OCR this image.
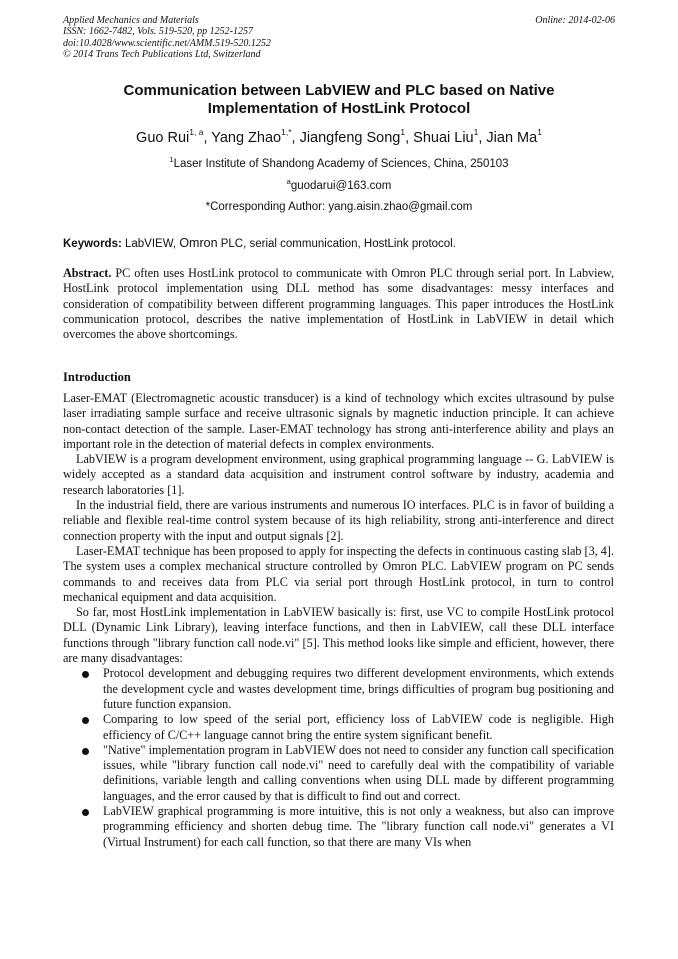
Applied Mechanics and Materials
ISSN: 1662-7482, Vols. 519-520, pp 1252-1257
doi:10.4028/www.scientific.net/AMM.519-520.1252
© 2014 Trans Tech Publications Ltd, Switzerland
Online: 2014-02-06
Communication between LabVIEW and PLC based on Native
Implementation of HostLink Protocol
Guo Rui$^{1, a}$, Yang Zhao$^{1,*}$, Jiangfeng Song$^1$, Shuai Liu$^1$, Jian Ma$^1$
$^1$Laser Institute of Shandong Academy of Sciences, China, 250103
$^a$guodarui@163.com
*Corresponding Author: yang.aisin.zhao@gmail.com
Keywords: LabVIEW, Omron PLC, serial communication, HostLink protocol.

Abstract. PC often uses HostLink protocol to communicate with Omron PLC through serial port. In Labview, HostLink protocol implementation using DLL method has some disadvantages: messy interfaces and consideration of compatibility between different programming languages. This paper introduces the HostLink communication protocol, describes the native implementation of HostLink in LabVIEW in detail which overcomes the above shortcomings.

Introduction

Laser-EMAT (Electromagnetic acoustic transducer) is a kind of technology which excites ultrasound by pulse laser irradiating sample surface and receive ultrasonic signals by magnetic induction principle. It can achieve non-contact detection of the sample. Laser-EMAT technology has strong anti-interference ability and plays an important role in the detection of material defects in complex environments.

LabVIEW is a program development environment, using graphical programming language -- G. LabVIEW is widely accepted as a standard data acquisition and instrument control software by industry, academia and research laboratories [1].

In the industrial field, there are various instruments and numerous IO interfaces. PLC is in favor of building a reliable and flexible real-time control system because of its high reliability, strong anti-interference and direct connection property with the input and output signals [2].

Laser-EMAT technique has been proposed to apply for inspecting the defects in continuous casting slab [3, 4]. The system uses a complex mechanical structure controlled by Omron PLC. LabVIEW program on PC sends commands to and receives data from PLC via serial port through HostLink protocol, in turn to control mechanical equipment and data acquisition.

So far, most HostLink implementation in LabVIEW basically is: first, use VC to compile HostLink protocol DLL (Dynamic Link Library), leaving interface functions, and then in LabVIEW, call these DLL interface functions through "library function call node.vi" [5]. This method looks like simple and efficient, however, there are many disadvantages:

Protocol development and debugging requires two different development environments, which extends the development cycle and wastes development time, brings difficulties of program bug positioning and future function expansion.
Comparing to low speed of the serial port, efficiency loss of LabVIEW code is negligible. High efficiency of C/C++ language cannot bring the entire system significant benefit.
"Native" implementation program in LabVIEW does not need to consider any function call specification issues, while "library function call node.vi" need to carefully deal with the compatibility of variable definitions, variable length and calling conventions when using DLL made by different programming languages, and the error caused by that is difficult to find out and correct.
LabVIEW graphical programming is more intuitive, this is not only a weakness, but also can improve programming efficiency and shorten debug time. The "library function call node.vi" generates a VI (Virtual Instrument) for each call function, so that there are many VIs when
